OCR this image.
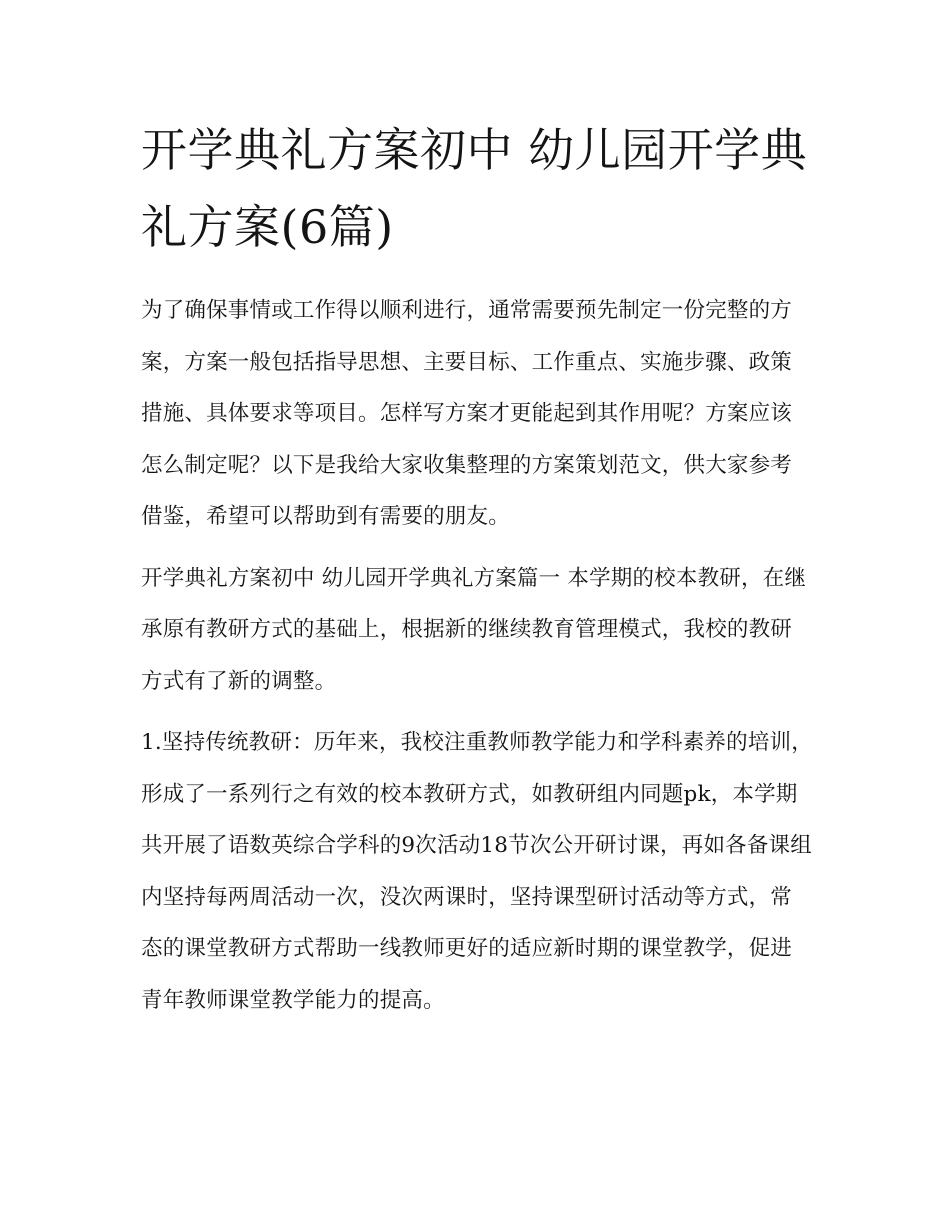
开学典礼方案初中 幼儿园开学典礼方案(6篇)

为了确保事情或工作得以顺利进行，通常需要预先制定一份完整的方案，方案一般包括指导思想、主要目标、工作重点、实施步骤、政策措施、具体要求等项目。怎样写方案才更能起到其作用呢？方案应该怎么制定呢？以下是我给大家收集整理的方案策划范文，供大家参考借鉴，希望可以帮助到有需要的朋友。

开学典礼方案初中 幼儿园开学典礼方案篇一 本学期的校本教研，在继承原有教研方式的基础上，根据新的继续教育管理模式，我校的教研方式有了新的调整。

1.坚持传统教研：历年来，我校注重教师教学能力和学科素养的培训，形成了一系列行之有效的校本教研方式，如教研组内同题pk，本学期共开展了语数英综合学科的9次活动18节次公开研讨课，再如各备课组内坚持每两周活动一次，没次两课时，坚持课型研讨活动等方式，常态的课堂教研方式帮助一线教师更好的适应新时期的课堂教学，促进青年教师课堂教学能力的提高。
